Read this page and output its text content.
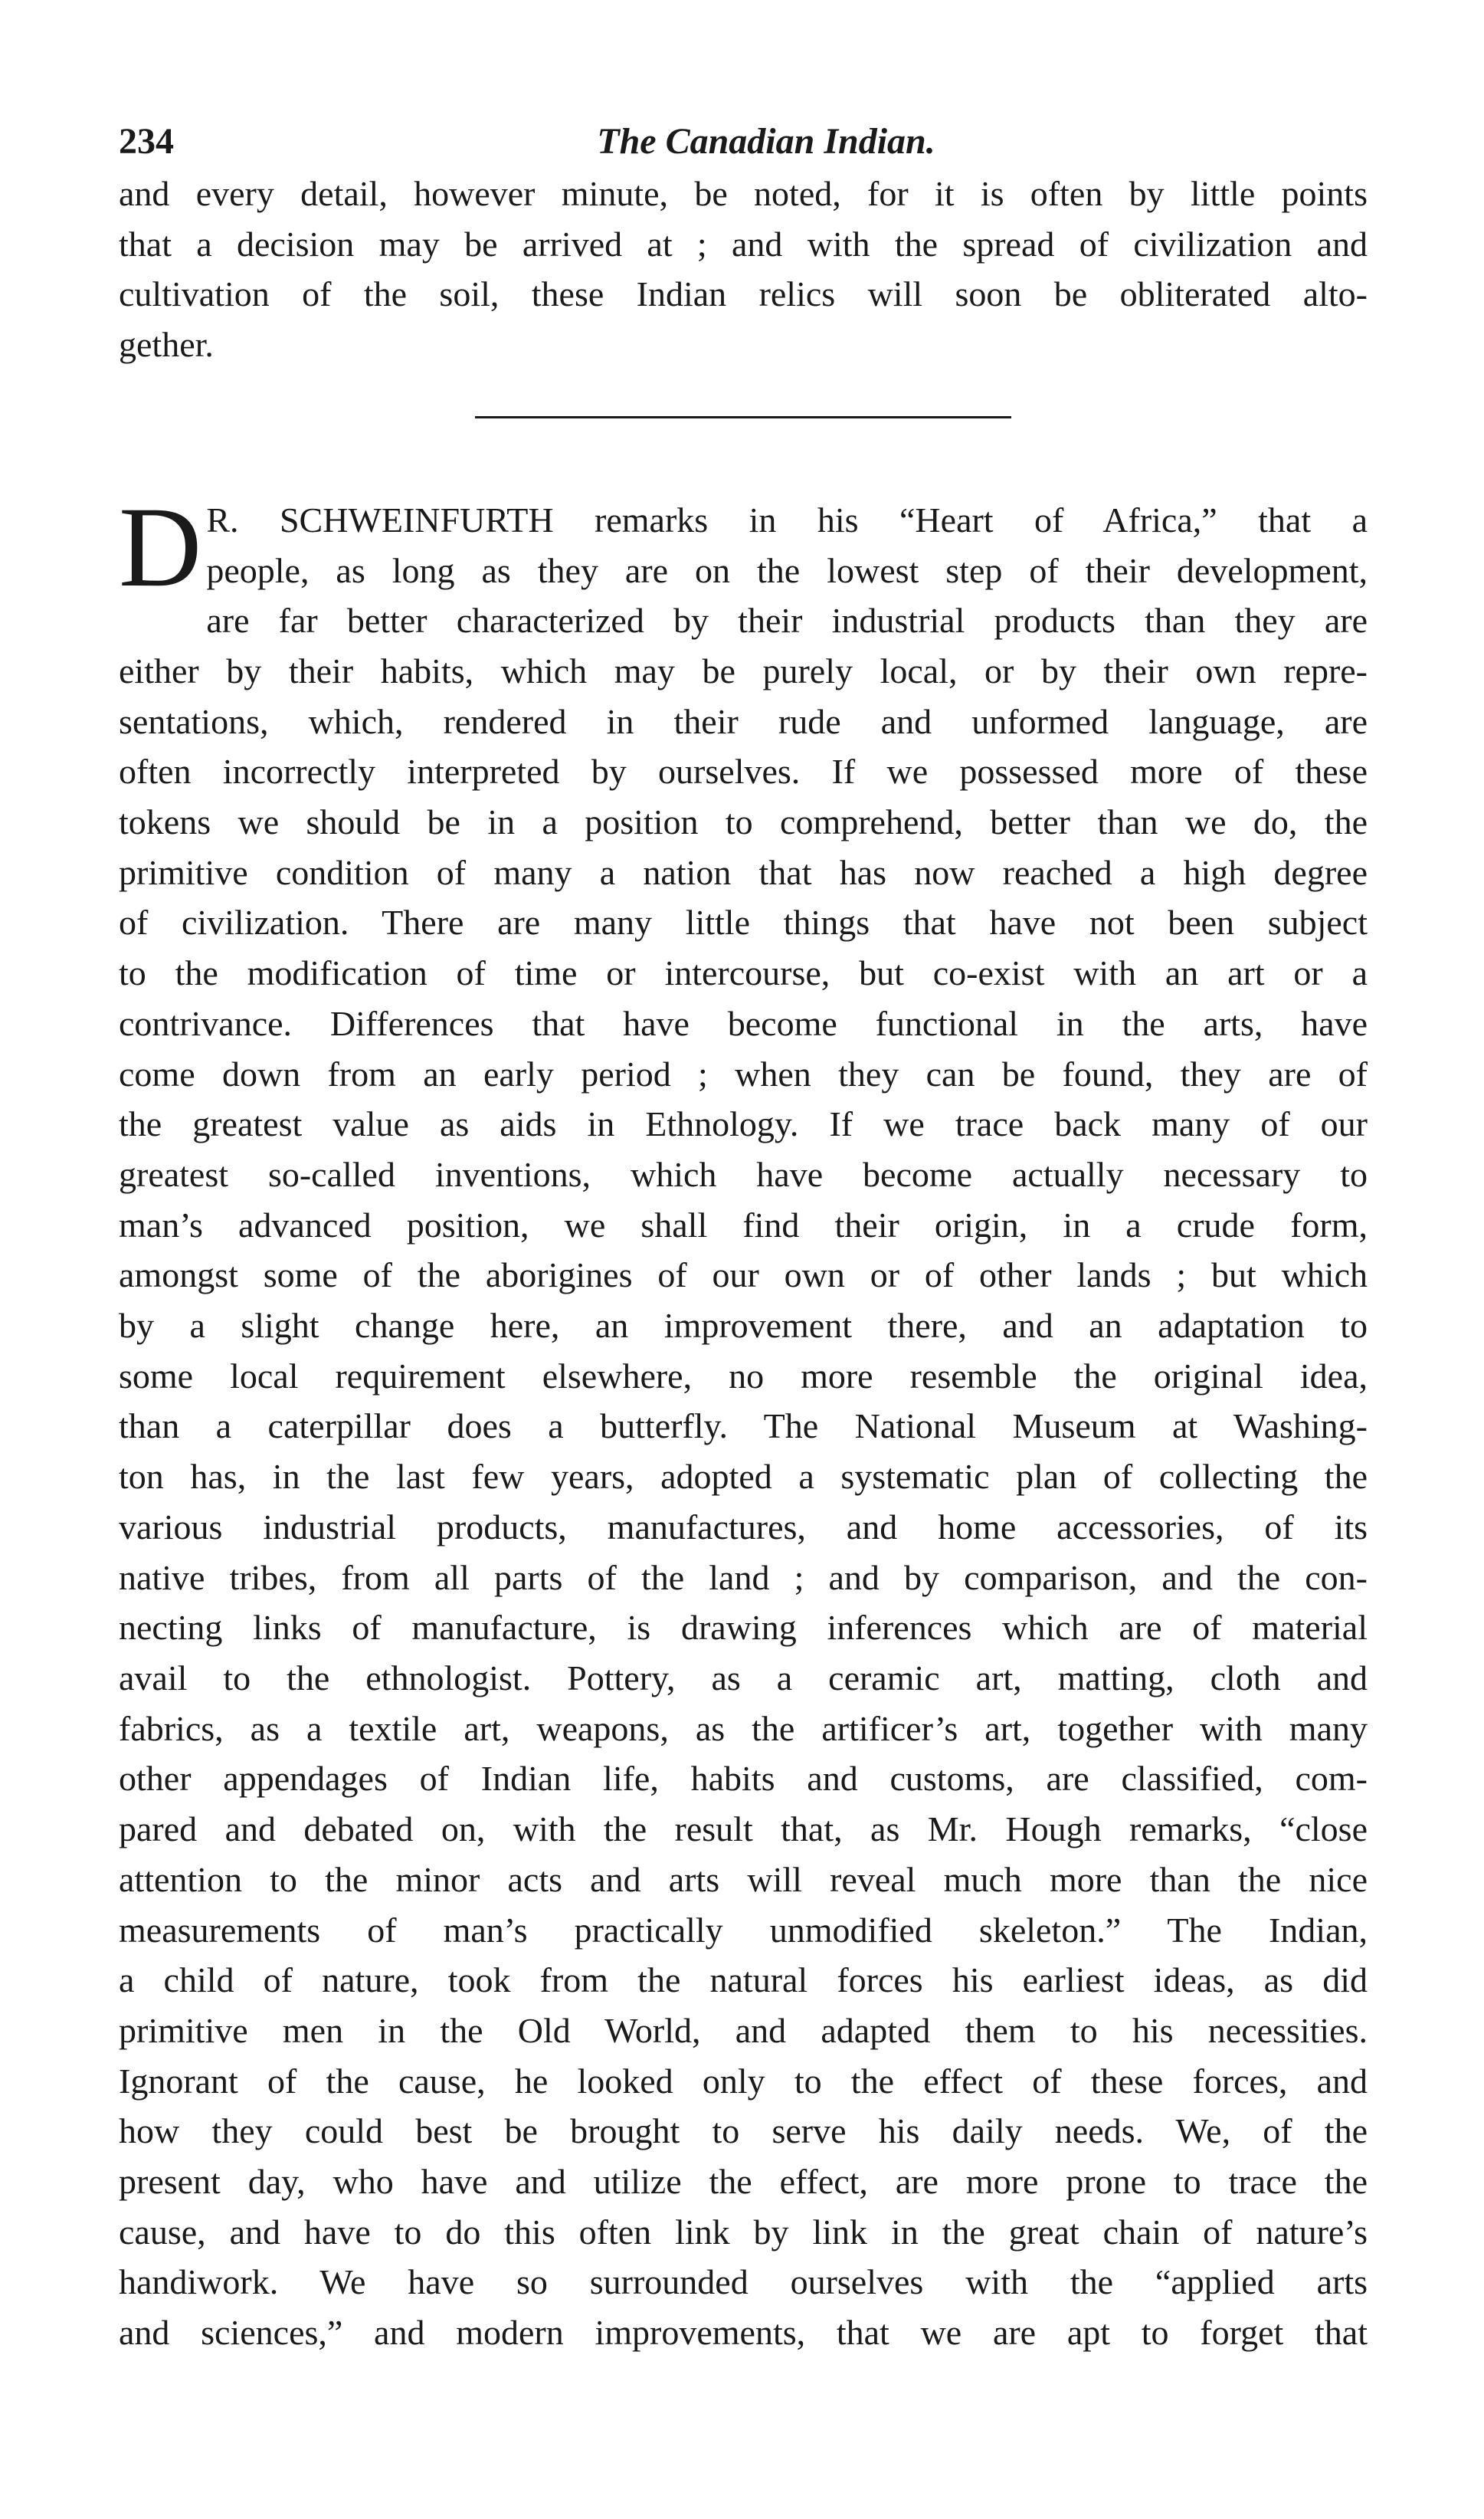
234	The Canadian Indian.
and every detail, however minute, be noted, for it is often by little points
that a decision may be arrived at ; and with the spread of civilization and
cultivation of the soil, these Indian relics will soon be obliterated alto-
gether.
D R. SCHWEINFURTH remarks in his “Heart of Africa,” that a
people, as long as they are on the lowest step of their development,
are far better characterized by their industrial products than they are
either by their habits, which may be purely local, or by their own repre-
sentations, which, rendered in their rude and unformed language, are
often incorrectly interpreted by ourselves. If we possessed more of these
tokens we should be in a position to comprehend, better than we do, the
primitive condition of many a nation that has now reached a high degree
of civilization. There are many little things that have not been subject
to the modification of time or intercourse, but co-exist with an art or a
contrivance. Differences that have become functional in the arts, have
come down from an early period ; when they can be found, they are of
the greatest value as aids in Ethnology. If we trace back many of our
greatest so-called inventions, which have become actually necessary to
man’s advanced position, we shall find their origin, in a crude form,
amongst some of the aborigines of our own or of other lands ; but which
by a slight change here, an improvement there, and an adaptation to
some local requirement elsewhere, no more resemble the original idea,
than a caterpillar does a butterfly. The National Museum at Washing-
ton has, in the last few years, adopted a systematic plan of collecting the
various industrial products, manufactures, and home accessories, of its
native tribes, from all parts of the land ; and by comparison, and the con-
necting links of manufacture, is drawing inferences which are of material
avail to the ethnologist. Pottery, as a ceramic art, matting, cloth and
fabrics, as a textile art, weapons, as the artificer’s art, together with many
other appendages of Indian life, habits and customs, are classified, com-
pared and debated on, with the result that, as Mr. Hough remarks, “close
attention to the minor acts and arts will reveal much more than the nice
measurements of man’s practically unmodified skeleton.” The Indian,
a child of nature, took from the natural forces his earliest ideas, as did
primitive men in the Old World, and adapted them to his necessities.
Ignorant of the cause, he looked only to the effect of these forces, and
how they could best be brought to serve his daily needs. We, of the
present day, who have and utilize the effect, are more prone to trace the
cause, and have to do this often link by link in the great chain of nature’s
handiwork. We have so surrounded ourselves with the “applied arts
and sciences,” and modern improvements, that we are apt to forget that
